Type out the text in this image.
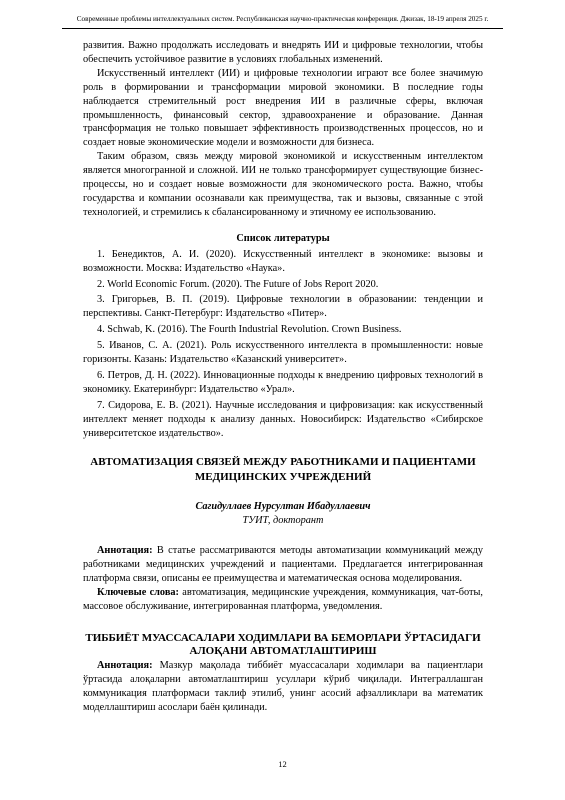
Современные проблемы интеллектуальных систем. Республиканская научно-практическая конференция. Джизак, 18-19 апреля 2025 г.

развития. Важно продолжать исследовать и внедрять ИИ и цифровые технологии, чтобы обеспечить устойчивое развитие в условиях глобальных изменений.

Искусственный интеллект (ИИ) и цифровые технологии играют все более значимую роль в формировании и трансформации мировой экономики. В последние годы наблюдается стремительный рост внедрения ИИ в различные сферы, включая промышленность, финансовый сектор, здравоохранение и образование. Данная трансформация не только повышает эффективность производственных процессов, но и создает новые экономические модели и возможности для бизнеса.

Таким образом, связь между мировой экономикой и искусственным интеллектом является многогранной и сложной. ИИ не только трансформирует существующие бизнес-процессы, но и создает новые возможности для экономического роста. Важно, чтобы государства и компании осознавали как преимущества, так и вызовы, связанные с этой технологией, и стремились к сбалансированному и этичному ее использованию.

Список литературы

1. Бенедиктов, А. И. (2020). Искусственный интеллект в экономике: вызовы и возможности. Москва: Издательство «Наука».

2. World Economic Forum. (2020). The Future of Jobs Report 2020.

3. Григорьев, В. П. (2019). Цифровые технологии в образовании: тенденции и перспективы. Санкт-Петербург: Издательство «Питер».

4. Schwab, K. (2016). The Fourth Industrial Revolution. Crown Business.

5. Иванов, С. А. (2021). Роль искусственного интеллекта в промышленности: новые горизонты. Казань: Издательство «Казанский университет».

6. Петров, Д. Н. (2022). Инновационные подходы к внедрению цифровых технологий в экономику. Екатеринбург: Издательство «Урал».

7. Сидорова, Е. В. (2021). Научные исследования и цифровизация: как искусственный интеллект меняет подходы к анализу данных. Новосибирск: Издательство «Сибирское университетское издательство».

АВТОМАТИЗАЦИЯ СВЯЗЕЙ МЕЖДУ РАБОТНИКАМИ И ПАЦИЕНТАМИ МЕДИЦИНСКИХ УЧРЕЖДЕНИЙ
Сагидуллаев Нурсултан Ибадуллаевич
ТУИТ, докторант

Аннотация: В статье рассматриваются методы автоматизации коммуникаций между работниками медицинских учреждений и пациентами. Предлагается интегрированная платформа связи, описаны ее преимущества и математическая основа моделирования.

Ключевые слова: автоматизация, медицинские учреждения, коммуникация, чат-боты, массовое обслуживание, интегрированная платформа, уведомления.

ТИББИЁТ МУАССАСАЛАРИ ХОДИМЛАРИ ВА БЕМОРЛАРИ ЎРТАСИДАГИ АЛОҚАНИ АВТОМАТЛАШТИРИШ

Аннотация: Мазкур мақолада тиббиёт муассасалари ходимлари ва пациентлари ўртасида алоқаларни автоматлаштириш усуллари кўриб чиқилади. Интеграллашган коммуникация платформаси таклиф этилиб, унинг асосий афзалликлари ва математик моделлаштириш асослари баён қилинади.

12
